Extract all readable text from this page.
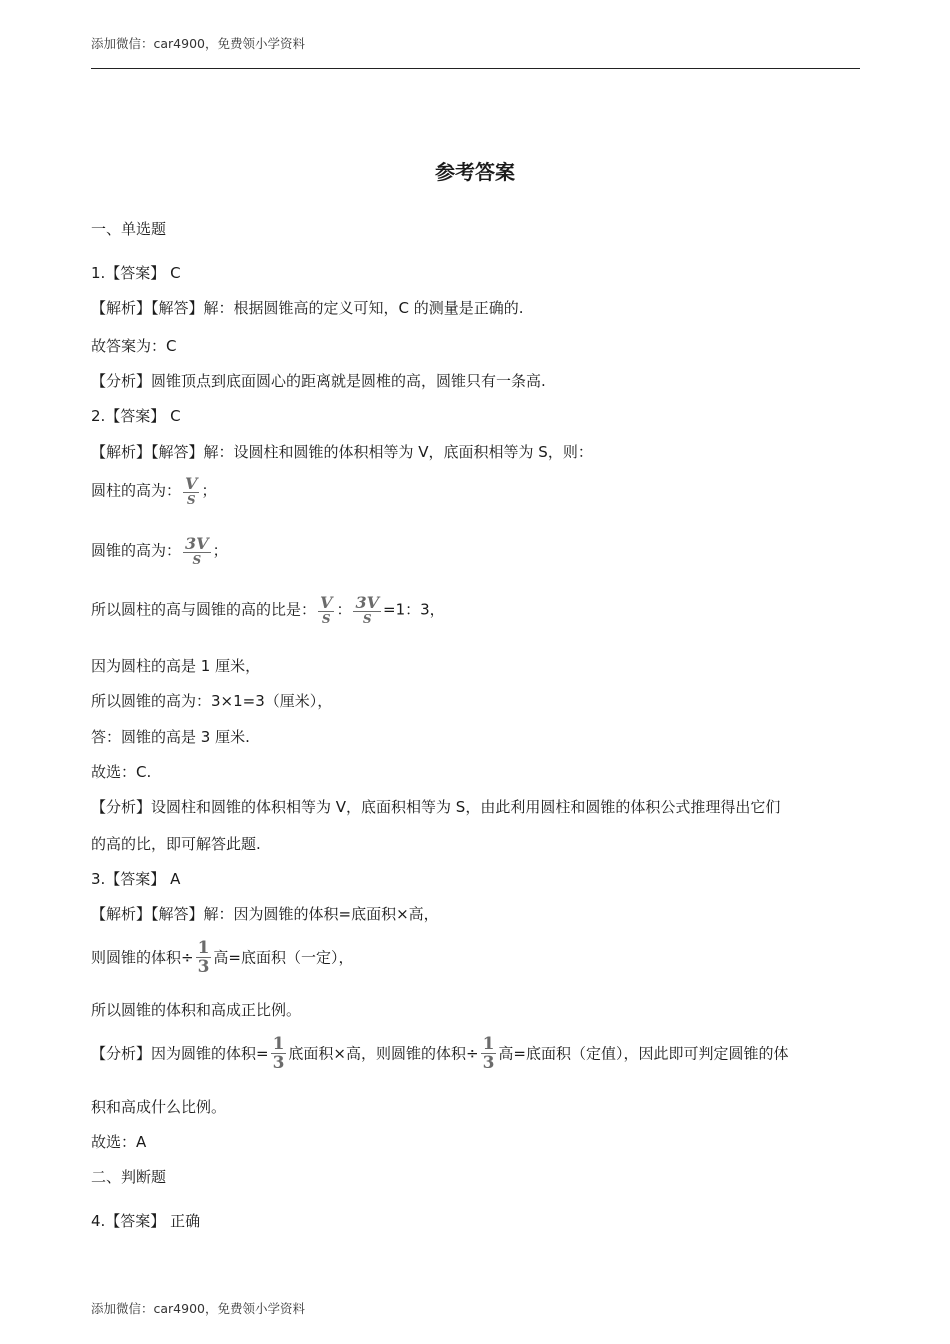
添加微信：car4900，免费领小学资料
参考答案
一、单选题
1.【答案】 C
【解析】【解答】解：根据圆锥高的定义可知，C 的测量是正确的.
故答案为：C
【分析】圆锥顶点到底面圆心的距离就是圆椎的高，圆锥只有一条高.
2.【答案】 C
【解析】【解答】解：设圆柱和圆锥的体积相等为 V，底面积相等为 S，则：
圆柱的高为： $\frac{V}{S}$ ；
圆锥的高为： $\frac{3V}{S}$ ；
所以圆柱的高与圆锥的高的比是： $\frac{V}{S}$ ： $\frac{3V}{S} =1$：3，
因为圆柱的高是 1 厘米，
所以圆锥的高为：3×1=3（厘米），
答：圆锥的高是 3 厘米.
故选：C.
【分析】设圆柱和圆锥的体积相等为 V，底面积相等为 S，由此利用圆柱和圆锥的体积公式推理得出它们
的高的比，即可解答此题.
3.【答案】 A
【解析】【解答】解：因为圆锥的体积=底面积×高，
则圆锥的体积÷ $\frac{1}{3}$ 高=底面积（一定），
所以圆锥的体积和高成正比例。
【分析】因为圆锥的体积= $\frac{1}{3}$ 底面积×高，则圆锥的体积÷ $\frac{1}{3}$ 高=底面积（定值），因此即可判定圆锥的体
积和高成什么比例。
故选：A
二、判断题
4.【答案】 正确
添加微信：car4900，免费领小学资料
